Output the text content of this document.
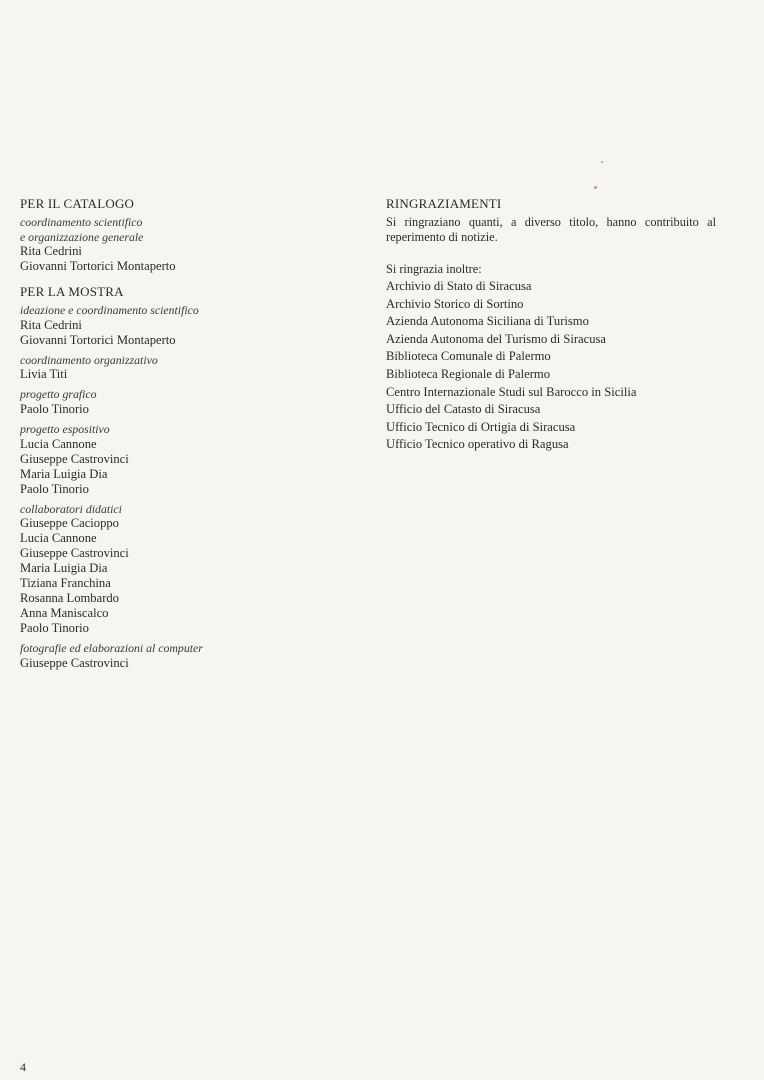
PER IL CATALOGO

coordinamento scientifico

e organizzazione generale

Rita Cedrini

Giovanni Tortorici Montaperto

PER LA MOSTRA

ideazione e coordinamento scientifico

Rita Cedrini

Giovanni Tortorici Montaperto

coordinamento organizzativo

Livia Titi

progetto grafico

Paolo Tinorio

progetto espositivo

Lucia Cannone

Giuseppe Castrovinci

Maria Luigia Dia

Paolo Tinorio

collaboratori didatici

Giuseppe Cacioppo

Lucia Cannone

Giuseppe Castrovinci

Maria Luigia Dia

Tiziana Franchina

Rosanna Lombardo

Anna Maniscalco

Paolo Tinorio

fotografie ed elaborazioni al computer

Giuseppe Castrovinci

RINGRAZIAMENTI

Si ringraziano quanti, a diverso titolo, hanno contribuito al reperimento di notizie.

Si ringrazia inoltre:

Archivio di Stato di Siracusa

Archivio Storico di Sortino

Azienda Autonoma Siciliana di Turismo

Azienda Autonoma del Turismo di Siracusa

Biblioteca Comunale di Palermo

Biblioteca Regionale di Palermo

Centro Internazionale Studi sul Barocco in Sicilia

Ufficio del Catasto di Siracusa

Ufficio Tecnico di Ortigia di Siracusa

Ufficio Tecnico operativo di Ragusa

4
